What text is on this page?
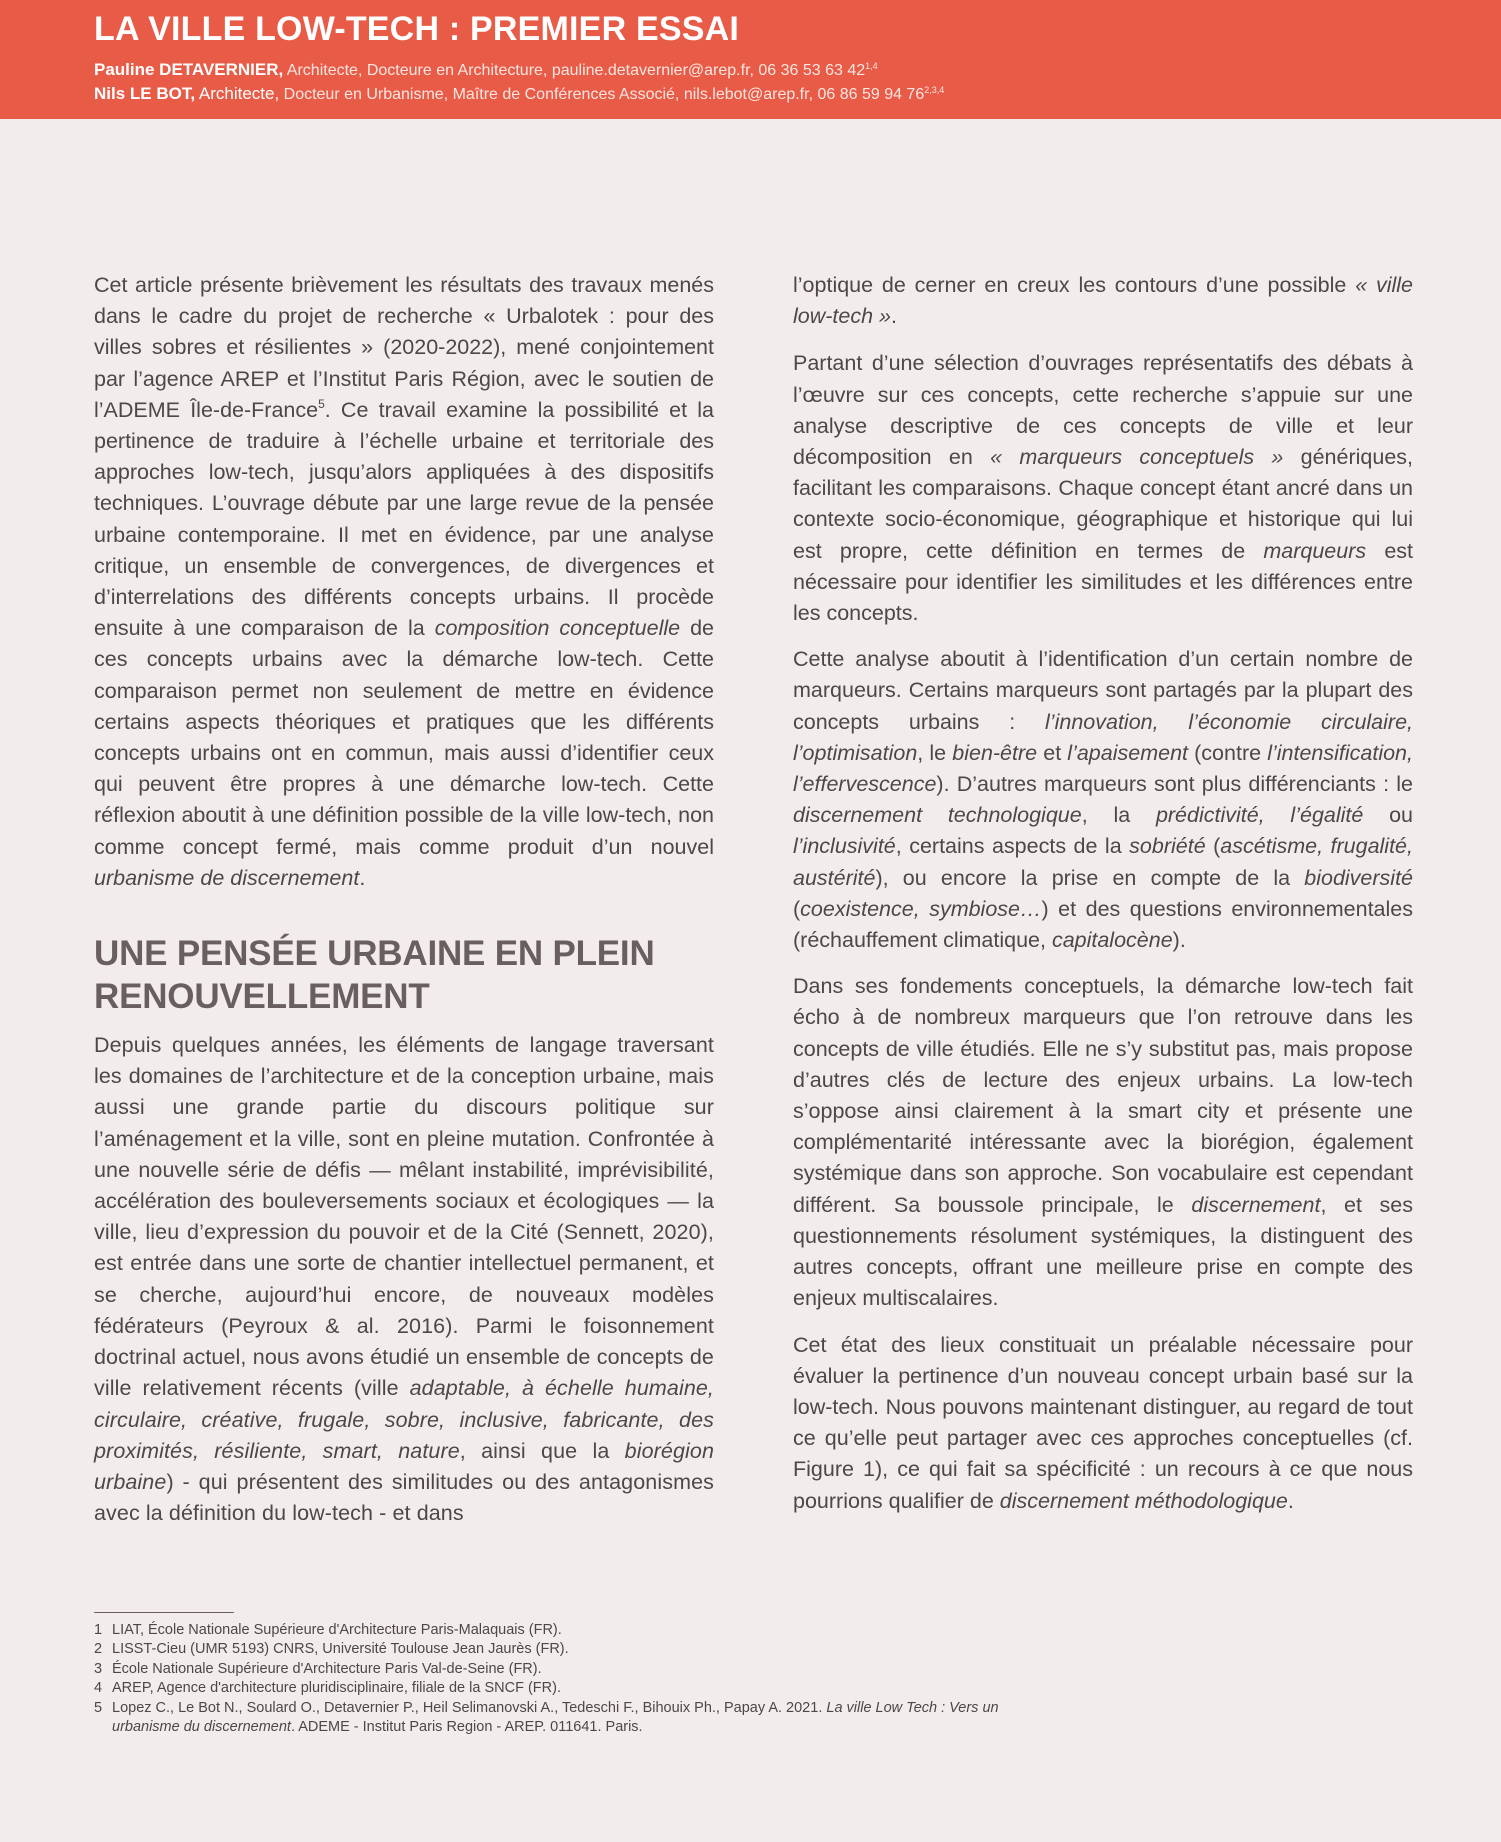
LA VILLE LOW-TECH : PREMIER ESSAI
Pauline DETAVERNIER, Architecte, Docteure en Architecture, pauline.detavernier@arep.fr, 06 36 53 63 42$^{1,4}$
Nils LE BOT, Architecte, Docteur en Urbanisme, Maître de Conférences Associé, nils.lebot@arep.fr, 06 86 59 94 76$^{2,3,4}$

Cet article présente brièvement les résultats des travaux menés dans le cadre du projet de recherche « Urbalotek : pour des villes sobres et résilientes » (2020-2022), mené conjointement par l’agence AREP et l’Institut Paris Région, avec le soutien de l’ADEME Île-de-France$^5$. Ce travail examine la possibilité et la pertinence de traduire à l’échelle urbaine et territoriale des approches low-tech, jusqu’alors appliquées à des dispositifs techniques. L’ouvrage débute par une large revue de la pensée urbaine contemporaine. Il met en évidence, par une analyse critique, un ensemble de convergences, de divergences et d’interrelations des différents concepts urbains. Il procède ensuite à une comparaison de la composition conceptuelle de ces concepts urbains avec la démarche low-tech. Cette comparaison permet non seulement de mettre en évidence certains aspects théoriques et pratiques que les différents concepts urbains ont en commun, mais aussi d’identifier ceux qui peuvent être propres à une démarche low-tech. Cette réflexion aboutit à une définition possible de la ville low-tech, non comme concept fermé, mais comme produit d’un nouvel urbanisme de discernement.

UNE PENSÉE URBAINE EN PLEIN RENOUVELLEMENT

Depuis quelques années, les éléments de langage traversant les domaines de l’architecture et de la conception urbaine, mais aussi une grande partie du discours politique sur l’aménagement et la ville, sont en pleine mutation. Confrontée à une nouvelle série de défis — mêlant instabilité, imprévisibilité, accélération des bouleversements sociaux et écologiques — la ville, lieu d’expression du pouvoir et de la Cité (Sennett, 2020), est entrée dans une sorte de chantier intellectuel permanent, et se cherche, aujourd’hui encore, de nouveaux modèles fédérateurs (Peyroux & al. 2016). Parmi le foisonnement doctrinal actuel, nous avons étudié un ensemble de concepts de ville relativement récents (ville adaptable, à échelle humaine, circulaire, créative, frugale, sobre, inclusive, fabricante, des proximités, résiliente, smart, nature, ainsi que la biorégion urbaine) - qui présentent des similitudes ou des antagonismes avec la définition du low-tech - et dans

l’optique de cerner en creux les contours d’une possible « ville low-tech ».

Partant d’une sélection d’ouvrages représentatifs des débats à l’œuvre sur ces concepts, cette recherche s’appuie sur une analyse descriptive de ces concepts de ville et leur décomposition en « marqueurs conceptuels » génériques, facilitant les comparaisons. Chaque concept étant ancré dans un contexte socio-économique, géographique et historique qui lui est propre, cette définition en termes de marqueurs est nécessaire pour identifier les similitudes et les différences entre les concepts.

Cette analyse aboutit à l’identification d’un certain nombre de marqueurs. Certains marqueurs sont partagés par la plupart des concepts urbains : l’innovation, l’économie circulaire, l’optimisation, le bien-être et l’apaisement (contre l’intensification, l’effervescence). D’autres marqueurs sont plus différenciants : le discernement technologique, la prédictivité, l’égalité ou l’inclusivité, certains aspects de la sobriété (ascétisme, frugalité, austérité), ou encore la prise en compte de la biodiversité (coexistence, symbiose…) et des questions environnementales (réchauffement climatique, capitalocène).

Dans ses fondements conceptuels, la démarche low-tech fait écho à de nombreux marqueurs que l’on retrouve dans les concepts de ville étudiés. Elle ne s’y substitut pas, mais propose d’autres clés de lecture des enjeux urbains. La low-tech s’oppose ainsi clairement à la smart city et présente une complémentarité intéressante avec la biorégion, également systémique dans son approche. Son vocabulaire est cependant différent. Sa boussole principale, le discernement, et ses questionnements résolument systémiques, la distinguent des autres concepts, offrant une meilleure prise en compte des enjeux multiscalaires.

Cet état des lieux constituait un préalable nécessaire pour évaluer la pertinence d’un nouveau concept urbain basé sur la low-tech. Nous pouvons maintenant distinguer, au regard de tout ce qu’elle peut partager avec ces approches conceptuelles (cf. Figure 1), ce qui fait sa spécificité : un recours à ce que nous pourrions qualifier de discernement méthodologique.

1 LIAT, École Nationale Supérieure d'Architecture Paris-Malaquais (FR).
2 LISST-Cieu (UMR 5193) CNRS, Université Toulouse Jean Jaurès (FR).
3 École Nationale Supérieure d'Architecture Paris Val-de-Seine (FR).
4 AREP, Agence d'architecture pluridisciplinaire, filiale de la SNCF (FR).
5 Lopez C., Le Bot N., Soulard O., Detavernier P., Heil Selimanovski A., Tedeschi F., Bihouix Ph., Papay A. 2021. La ville Low Tech : Vers un urbanisme du discernement. ADEME - Institut Paris Region - AREP. 011641. Paris.
